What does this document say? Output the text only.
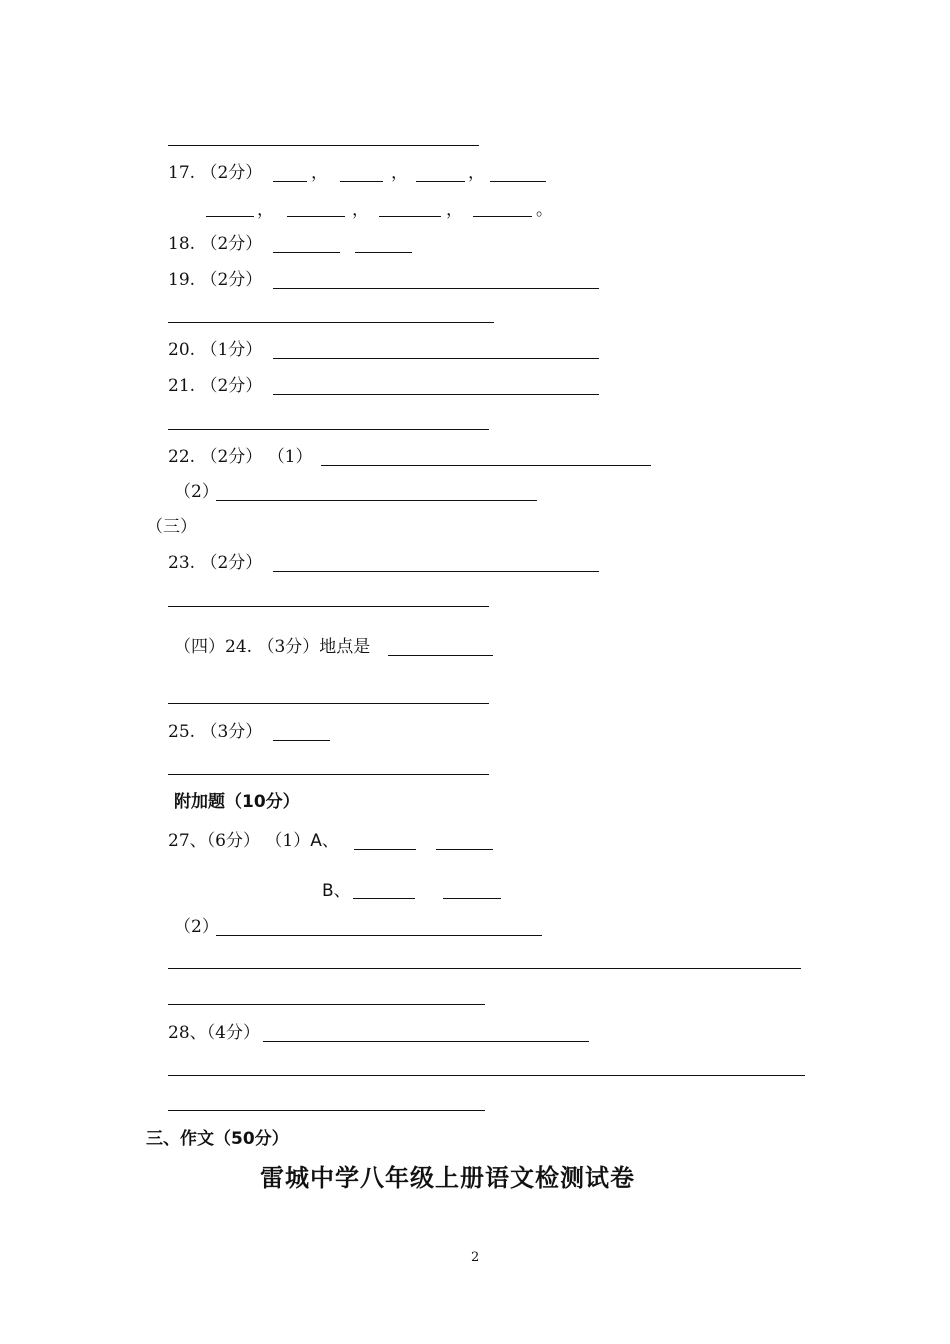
17. （2分）	，	，	，
，	，	，	。
18. （2分）
19. （2分）
20. （1分）
21. （2分）
22. （2分） （1）
（2）
（三）
23. （2分）
（四）24. （3分）地点是
25. （3分）
附加题（10分）
27、（6分） （1）A、
B、
（2）
28、（4分）
三、作文（50分）
雷城中学八年级上册语文检测试卷
2
